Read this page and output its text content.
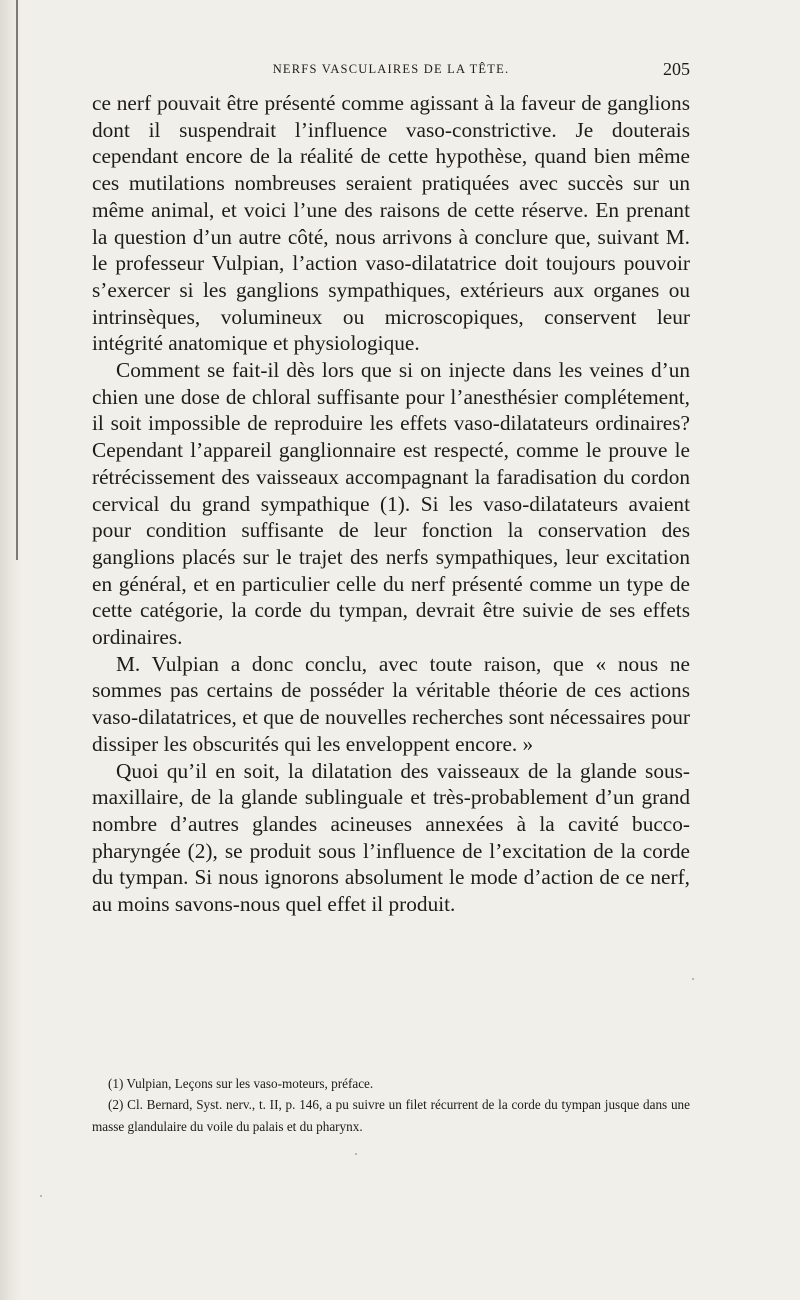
NERFS VASCULAIRES DE LA TÊTE.	205

ce nerf pouvait être présenté comme agissant à la faveur de ganglions dont il suspendrait l’influence vaso-constrictive. Je douterais cependant encore de la réalité de cette hypothèse, quand bien même ces mutilations nombreuses seraient pratiquées avec succès sur un même animal, et voici l’une des raisons de cette réserve. En prenant la question d’un autre côté, nous arrivons à conclure que, suivant M. le professeur Vulpian, l’action vaso-dilatatrice doit toujours pouvoir s’exercer si les ganglions sympathiques, extérieurs aux organes ou intrinsèques, volumineux ou microscopiques, conservent leur intégrité anatomique et physiologique.

Comment se fait-il dès lors que si on injecte dans les veines d’un chien une dose de chloral suffisante pour l’anesthésier complétement, il soit impossible de reproduire les effets vaso-dilatateurs ordinaires? Cependant l’appareil ganglionnaire est respecté, comme le prouve le rétrécissement des vaisseaux accompagnant la faradisation du cordon cervical du grand sympathique (1). Si les vaso-dilatateurs avaient pour condition suffisante de leur fonction la conservation des ganglions placés sur le trajet des nerfs sympathiques, leur excitation en général, et en particulier celle du nerf présenté comme un type de cette catégorie, la corde du tympan, devrait être suivie de ses effets ordinaires.

M. Vulpian a donc conclu, avec toute raison, que « nous ne sommes pas certains de posséder la véritable théorie de ces actions vaso-dilatatrices, et que de nouvelles recherches sont nécessaires pour dissiper les obscurités qui les enveloppent encore. »

Quoi qu’il en soit, la dilatation des vaisseaux de la glande sous-maxillaire, de la glande sublinguale et très-probablement d’un grand nombre d’autres glandes acineuses annexées à la cavité bucco-pharyngée (2), se produit sous l’influence de l’excitation de la corde du tympan. Si nous ignorons absolument le mode d’action de ce nerf, au moins savons-nous quel effet il produit.

(1) Vulpian, Leçons sur les vaso-moteurs, préface.

(2) Cl. Bernard, Syst. nerv., t. II, p. 146, a pu suivre un filet récurrent de la corde du tympan jusque dans une masse glandulaire du voile du palais et du pharynx.
